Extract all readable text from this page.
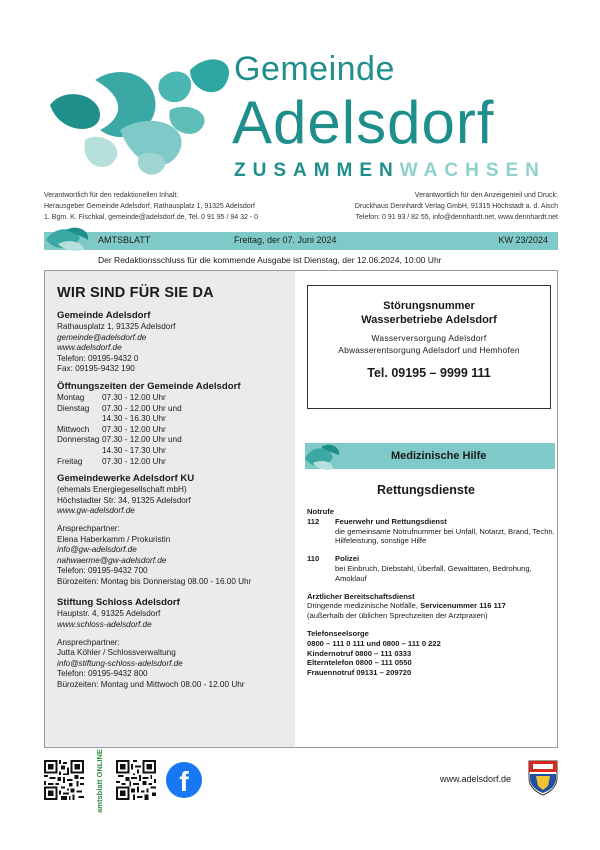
Gemeinde
Adelsdorf
ZUSAMMENWACHSEN
Verantwortlich für den redaktionellen Inhalt:
Herausgeber Gemeinde Adelsdorf, Rathausplatz 1, 91325 Adelsdorf
1. Bgm. K. Fischkal, gemeinde@adelsdorf.de, Tel. 0 91 95 / 94 32 - 0
Verantwortlich für den Anzeigenteil und Druck:
Druckhaus Dennhardt Verlag GmbH, 91315 Höchstadt a. d. Aisch
Telefon: 0 91 93 / 82 55, info@dennhardt.net, www.dennhardt.net
AMTSBLATT	Freitag, der 07. Juni 2024	KW 23/2024
Der Redaktionsschluss für die kommende Ausgabe ist Dienstag, der 12.06.2024, 10:00 Uhr
WIR SIND FÜR SIE DA
Gemeinde Adelsdorf
Rathausplatz 1, 91325 Adelsdorf
gemeinde@adelsdorf.de
www.adelsdorf.de
Telefon: 09195-9432 0
Fax: 09195-9432 190
Öffnungszeiten der Gemeinde Adelsdorf
Montag	07.30 - 12.00 Uhr
Dienstag	07.30 - 12.00 Uhr und
14.30 - 16.30 Uhr
Mittwoch	07.30 - 12.00 Uhr
Donnerstag 07.30 - 12.00 Uhr und
14.30 - 17.30 Uhr
Freitag	07.30 - 12.00 Uhr
Gemeindewerke Adelsdorf KU
(ehemals Energiegesellschaft mbH)
Höchstadter Str. 34, 91325 Adelsdorf
www.gw-adelsdorf.de
Ansprechpartner:
Elena Haberkamm / Prokuristin
info@gw-adelsdorf.de
nahwaerme@gw-adelsdorf.de
Telefon: 09195-9432 700
Bürozeiten: Montag bis Donnerstag 08.00 - 16.00 Uhr
Stiftung Schloss Adelsdorf
Hauptstr. 4, 91325 Adelsdorf
www.schloss-adelsdorf.de
Ansprechpartner:
Jutta Köhler / Schlossverwaltung
info@stiftung-schloss-adelsdorf.de
Telefon: 09195-9432 800
Bürozeiten: Montag und Mittwoch 08.00 - 12.00 Uhr
Störungsnummer
Wasserbetriebe Adelsdorf
Wasserversorgung Adelsdorf
Abwasserentsorgung Adelsdorf und Hemhofen
Tel. 09195 – 9999 111
Medizinische Hilfe
Rettungsdienste
Notrufe
112	Feuerwehr und Rettungsdienst
die gemeinsame Notrufnummer bei Unfall, Notarzt, Brand, Techn. Hilfeleistung, sonstige Hilfe
110	Polizei
bei Einbruch, Diebstahl, Überfall, Gewalttaten, Bedrohung, Amoklauf
Ärztlicher Bereitschaftsdienst
Dringende medizinische Notfälle, Servicenummer 116 117
(außerhalb der üblichen Sprechzeiten der Arztpraxen)
Telefonseelsorge
0800 – 111 0 111 und 0800 – 111 0 222
Kindernotruf 0800 – 111 0333
Elterntelefon 0800 – 111 0550
Frauennotruf 09131 – 209720
amtsblatt ONLINE	f	www.adelsdorf.de
